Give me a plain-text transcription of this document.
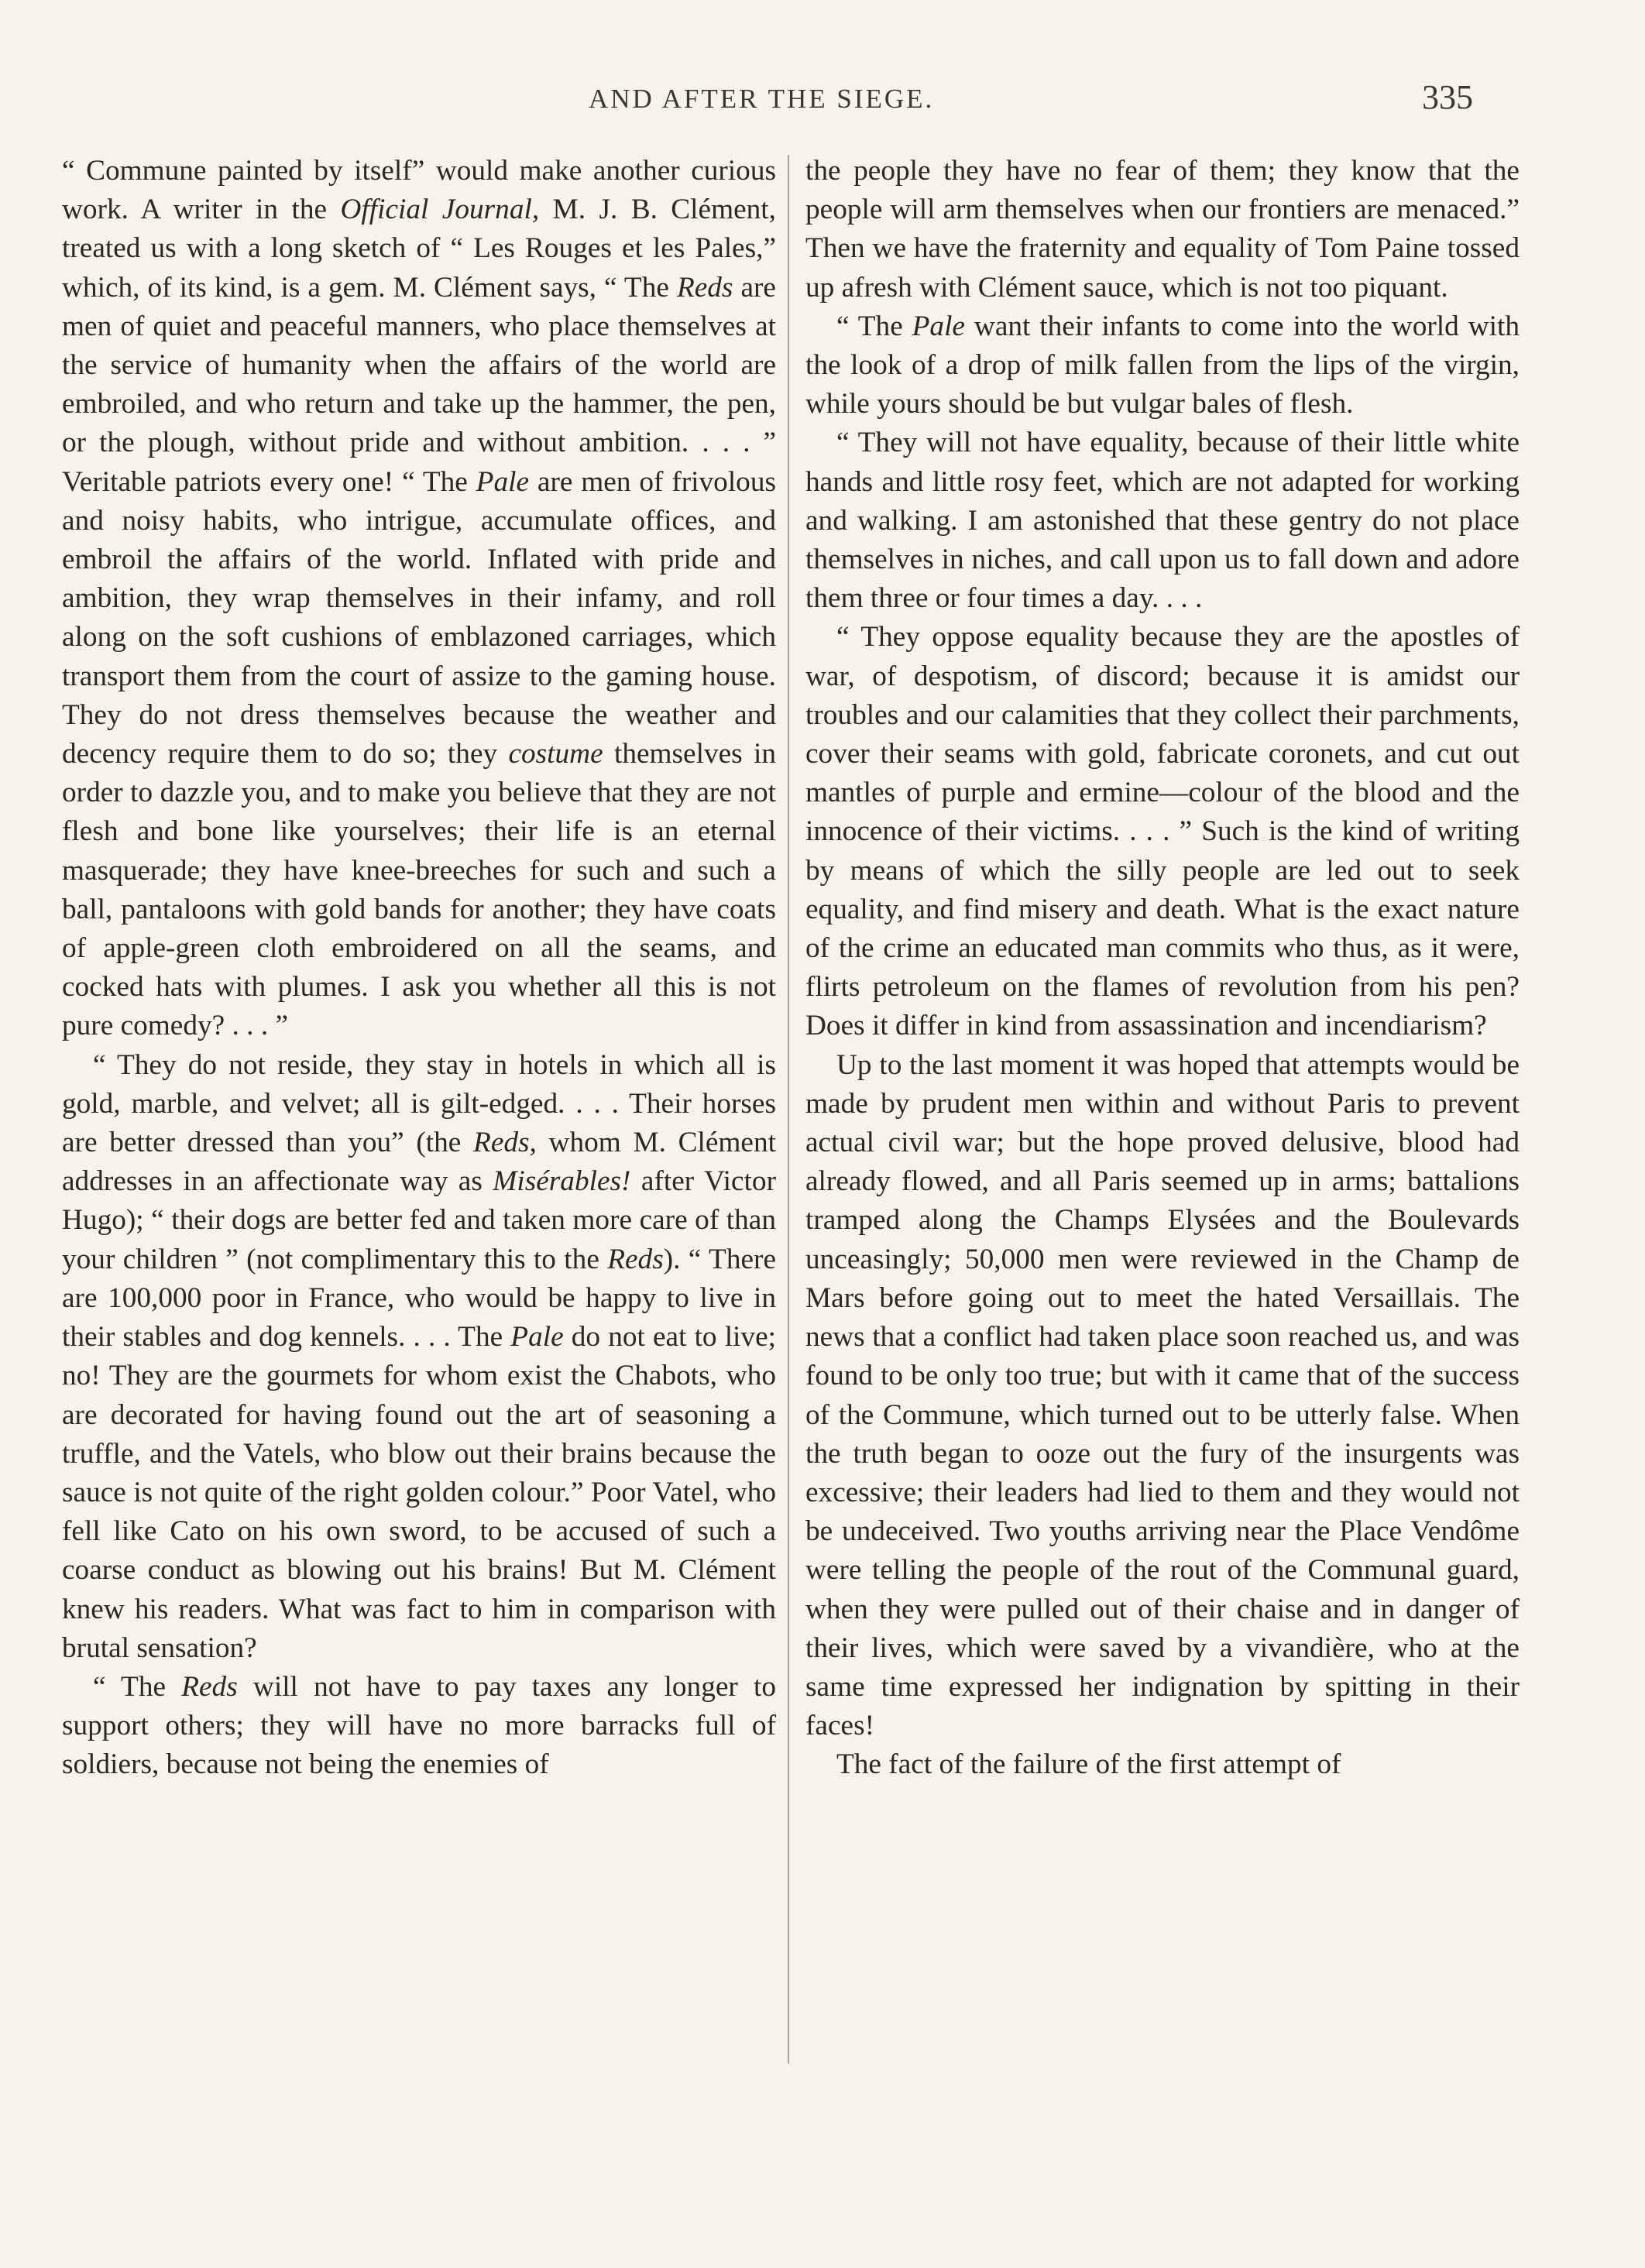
AND AFTER THE SIEGE.	335

“ Commune painted by itself” would make another curious work. A writer in the Official Journal, M. J. B. Clément, treated us with a long sketch of “ Les Rouges et les Pales,” which, of its kind, is a gem. M. Clément says, “ The Reds are men of quiet and peaceful manners, who place themselves at the service of humanity when the affairs of the world are embroiled, and who return and take up the hammer, the pen, or the plough, without pride and without ambition. . . . ” Veritable patriots every one! “ The Pale are men of frivolous and noisy habits, who intrigue, accumulate offices, and embroil the affairs of the world. Inflated with pride and ambition, they wrap themselves in their infamy, and roll along on the soft cushions of emblazoned carriages, which transport them from the court of assize to the gaming house. They do not dress themselves because the weather and decency require them to do so; they costume themselves in order to dazzle you, and to make you believe that they are not flesh and bone like yourselves; their life is an eternal masquerade; they have knee-breeches for such and such a ball, pantaloons with gold bands for another; they have coats of apple-green cloth embroidered on all the seams, and cocked hats with plumes. I ask you whether all this is not pure comedy? . . . ”

“ They do not reside, they stay in hotels in which all is gold, marble, and velvet; all is gilt-edged. . . . Their horses are better dressed than you” (the Reds, whom M. Clément addresses in an affectionate way as Misérables! after Victor Hugo); “ their dogs are better fed and taken more care of than your children ” (not complimentary this to the Reds). “ There are 100,000 poor in France, who would be happy to live in their stables and dog kennels. . . . The Pale do not eat to live; no! They are the gourmets for whom exist the Chabots, who are decorated for having found out the art of seasoning a truffle, and the Vatels, who blow out their brains because the sauce is not quite of the right golden colour.” Poor Vatel, who fell like Cato on his own sword, to be accused of such a coarse conduct as blowing out his brains! But M. Clément knew his readers. What was fact to him in comparison with brutal sensation?

“ The Reds will not have to pay taxes any longer to support others; they will have no more barracks full of soldiers, because not being the enemies of

the people they have no fear of them; they know that the people will arm themselves when our frontiers are menaced.” Then we have the fraternity and equality of Tom Paine tossed up afresh with Clément sauce, which is not too piquant.

“ The Pale want their infants to come into the world with the look of a drop of milk fallen from the lips of the virgin, while yours should be but vulgar bales of flesh.

“ They will not have equality, because of their little white hands and little rosy feet, which are not adapted for working and walking. I am astonished that these gentry do not place themselves in niches, and call upon us to fall down and adore them three or four times a day. . . .

“ They oppose equality because they are the apostles of war, of despotism, of discord; because it is amidst our troubles and our calamities that they collect their parchments, cover their seams with gold, fabricate coronets, and cut out mantles of purple and ermine—colour of the blood and the innocence of their victims. . . . ” Such is the kind of writing by means of which the silly people are led out to seek equality, and find misery and death. What is the exact nature of the crime an educated man commits who thus, as it were, flirts petroleum on the flames of revolution from his pen? Does it differ in kind from assassination and incendiarism?

Up to the last moment it was hoped that attempts would be made by prudent men within and without Paris to prevent actual civil war; but the hope proved delusive, blood had already flowed, and all Paris seemed up in arms; battalions tramped along the Champs Elysées and the Boulevards unceasingly; 50,000 men were reviewed in the Champ de Mars before going out to meet the hated Versaillais. The news that a conflict had taken place soon reached us, and was found to be only too true; but with it came that of the success of the Commune, which turned out to be utterly false. When the truth began to ooze out the fury of the insurgents was excessive; their leaders had lied to them and they would not be undeceived. Two youths arriving near the Place Vendôme were telling the people of the rout of the Communal guard, when they were pulled out of their chaise and in danger of their lives, which were saved by a vivandière, who at the same time expressed her indignation by spitting in their faces!

The fact of the failure of the first attempt of
